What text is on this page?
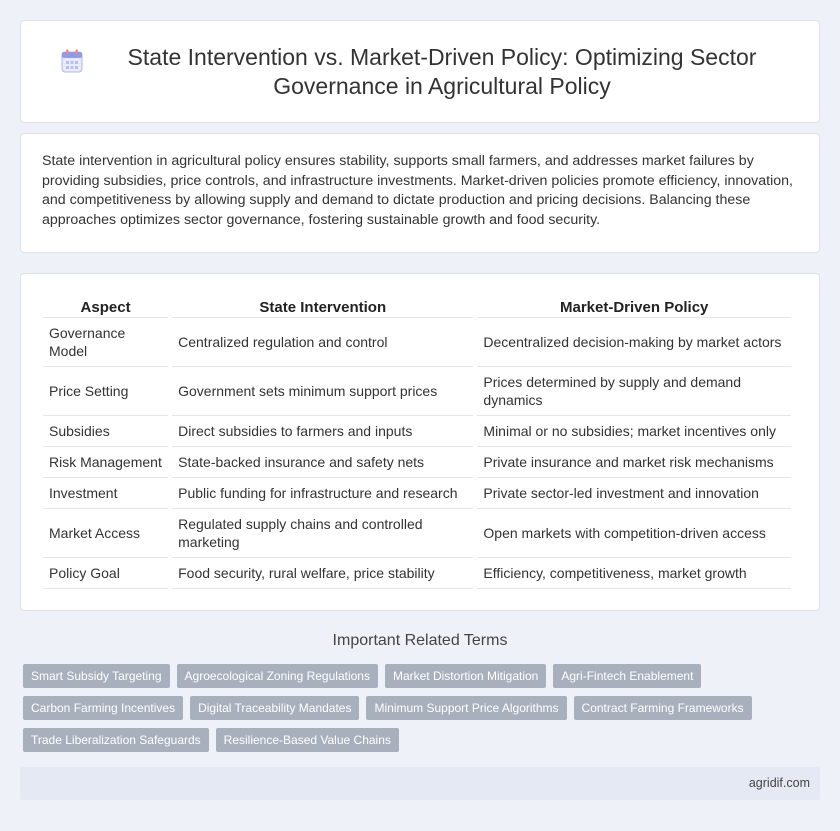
State Intervention vs. Market-Driven Policy: Optimizing Sector Governance in Agricultural Policy

State intervention in agricultural policy ensures stability, supports small farmers, and addresses market failures by providing subsidies, price controls, and infrastructure investments. Market-driven policies promote efficiency, innovation, and competitiveness by allowing supply and demand to dictate production and pricing decisions. Balancing these approaches optimizes sector governance, fostering sustainable growth and food security.

Aspect	State Intervention	Market-Driven Policy
Governance Model	Centralized regulation and control	Decentralized decision-making by market actors
Price Setting	Government sets minimum support prices	Prices determined by supply and demand dynamics
Subsidies	Direct subsidies to farmers and inputs	Minimal or no subsidies; market incentives only
Risk Management	State-backed insurance and safety nets	Private insurance and market risk mechanisms
Investment	Public funding for infrastructure and research	Private sector-led investment and innovation
Market Access	Regulated supply chains and controlled marketing	Open markets with competition-driven access
Policy Goal	Food security, rural welfare, price stability	Efficiency, competitiveness, market growth
Important Related Terms
Smart Subsidy Targeting	Agroecological Zoning Regulations	Market Distortion Mitigation	Agri-Fintech Enablement
Carbon Farming Incentives	Digital Traceability Mandates	Minimum Support Price Algorithms	Contract Farming Frameworks
Trade Liberalization Safeguards	Resilience-Based Value Chains
agridif.com
